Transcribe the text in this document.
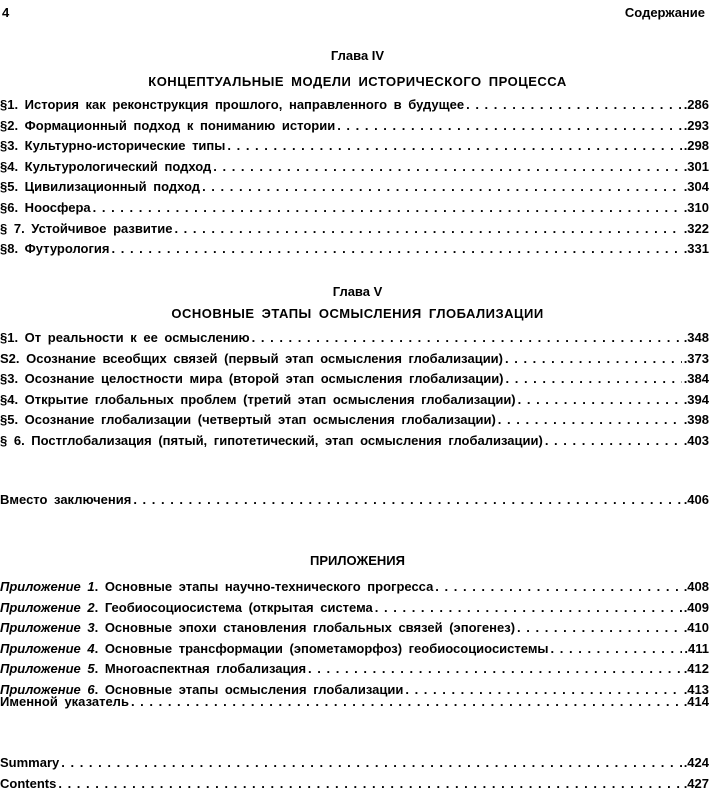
4	Содержание
Глава IV
КОНЦЕПТУАЛЬНЫЕ МОДЕЛИ ИСТОРИЧЕСКОГО ПРОЦЕССА
§1. История как реконструкция прошлого, направленного в будущее . . .	.286
§2. Формационный подход к пониманию истории . . .	.293
§3. Культурно-исторические типы . . .	.298
§4. Культурологический подход . . .	.301
§5. Цивилизационный подход . . .	.304
§6. Ноосфера . . .	.310
§ 7. Устойчивое развитие . . .	.322
§8. Футурология . . .	.331
Глава V
ОСНОВНЫЕ ЭТАПЫ ОСМЫСЛЕНИЯ ГЛОБАЛИЗАЦИИ
§1. От реальности к ее осмыслению . . .	.348
S2. Осознание всеобщих связей (первый этап осмысления глобализации) . . .	.373
§3. Осознание целостности мира (второй этап осмысления глобализации) . . .	.384
§4. Открытие глобальных проблем (третий этап осмысления глобализации) . . .	.394
§5. Осознание глобализации (четвертый этап осмысления глобализации) . . .	.398
§ 6. Постглобализация (пятый, гипотетический, этап осмысления глобализации) . . .	.403
Вместо заключения . . .	.406
ПРИЛОЖЕНИЯ
Приложение 1. Основные этапы научно-технического прогресса . . .	.408
Приложение 2. Геобиосоциосистема (открытая система . . .	.409
Приложение 3. Основные эпохи становления глобальных связей (эпогенез) . . .	.410
Приложение 4. Основные трансформации (эпометаморфоз) геобиосоциосистемы . . .	.411
Приложение 5. Многоаспектная глобализация . . .	.412
Приложение 6. Основные этапы осмысления глобализации . . .	.413
Именной указатель . . .	.414
Summary . . .	.424
Contents . . .	.427
